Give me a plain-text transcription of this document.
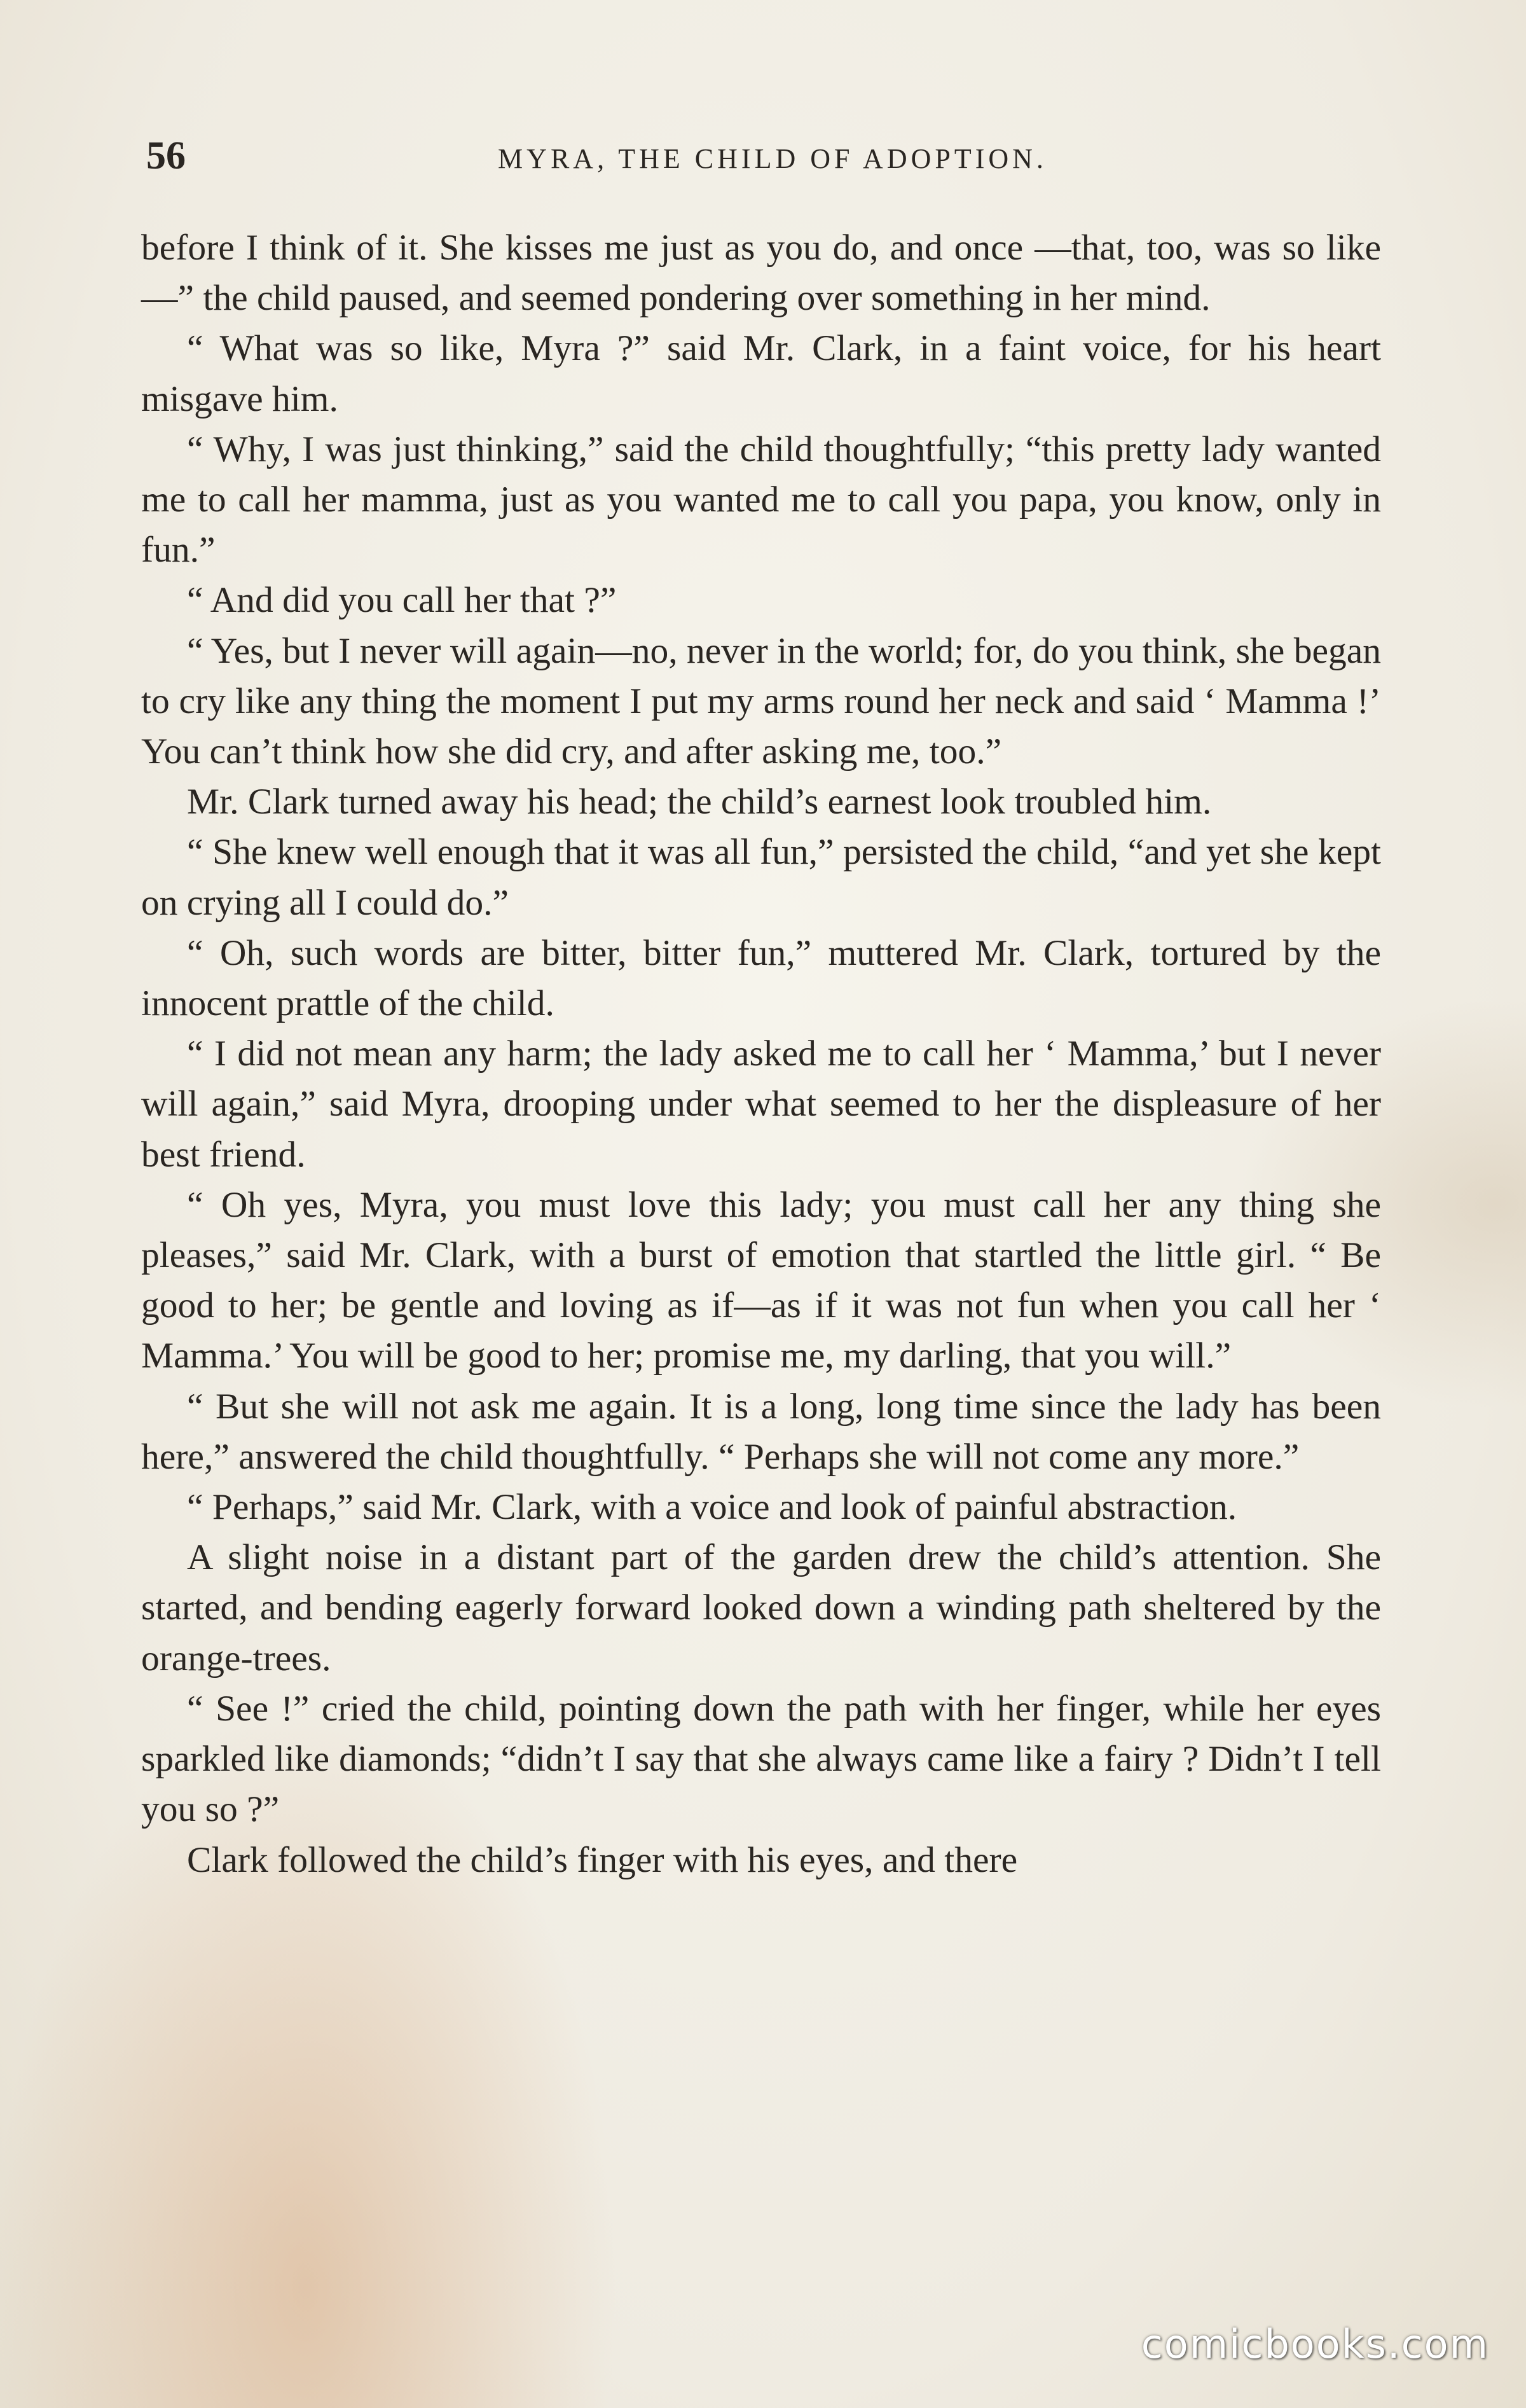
56	MYRA, THE CHILD OF ADOPTION.

before I think of it. She kisses me just as you do, and once —that, too, was so like—” the child paused, and seemed pondering over something in her mind.

“ What was so like, Myra ?” said Mr. Clark, in a faint voice, for his heart misgave him.

“ Why, I was just thinking,” said the child thoughtfully; “this pretty lady wanted me to call her mamma, just as you wanted me to call you papa, you know, only in fun.”

“ And did you call her that ?”

“ Yes, but I never will again—no, never in the world; for, do you think, she began to cry like any thing the moment I put my arms round her neck and said ‘ Mamma !’ You can’t think how she did cry, and after asking me, too.”

Mr. Clark turned away his head; the child’s earnest look troubled him.

“ She knew well enough that it was all fun,” persisted the child, “and yet she kept on crying all I could do.”

“ Oh, such words are bitter, bitter fun,” muttered Mr. Clark, tortured by the innocent prattle of the child.

“ I did not mean any harm; the lady asked me to call her ‘ Mamma,’ but I never will again,” said Myra, drooping under what seemed to her the displeasure of her best friend.

“ Oh yes, Myra, you must love this lady; you must call her any thing she pleases,” said Mr. Clark, with a burst of emotion that startled the little girl. “ Be good to her; be gentle and loving as if—as if it was not fun when you call her ‘ Mamma.’ You will be good to her; promise me, my darling, that you will.”

“ But she will not ask me again. It is a long, long time since the lady has been here,” answered the child thoughtfully. “ Perhaps she will not come any more.”

“ Perhaps,” said Mr. Clark, with a voice and look of painful abstraction.

A slight noise in a distant part of the garden drew the child’s attention. She started, and bending eagerly forward looked down a winding path sheltered by the orange-trees.

“ See !” cried the child, pointing down the path with her finger, while her eyes sparkled like diamonds; “didn’t I say that she always came like a fairy ? Didn’t I tell you so ?”

Clark followed the child’s finger with his eyes, and there

comicbooks.com
